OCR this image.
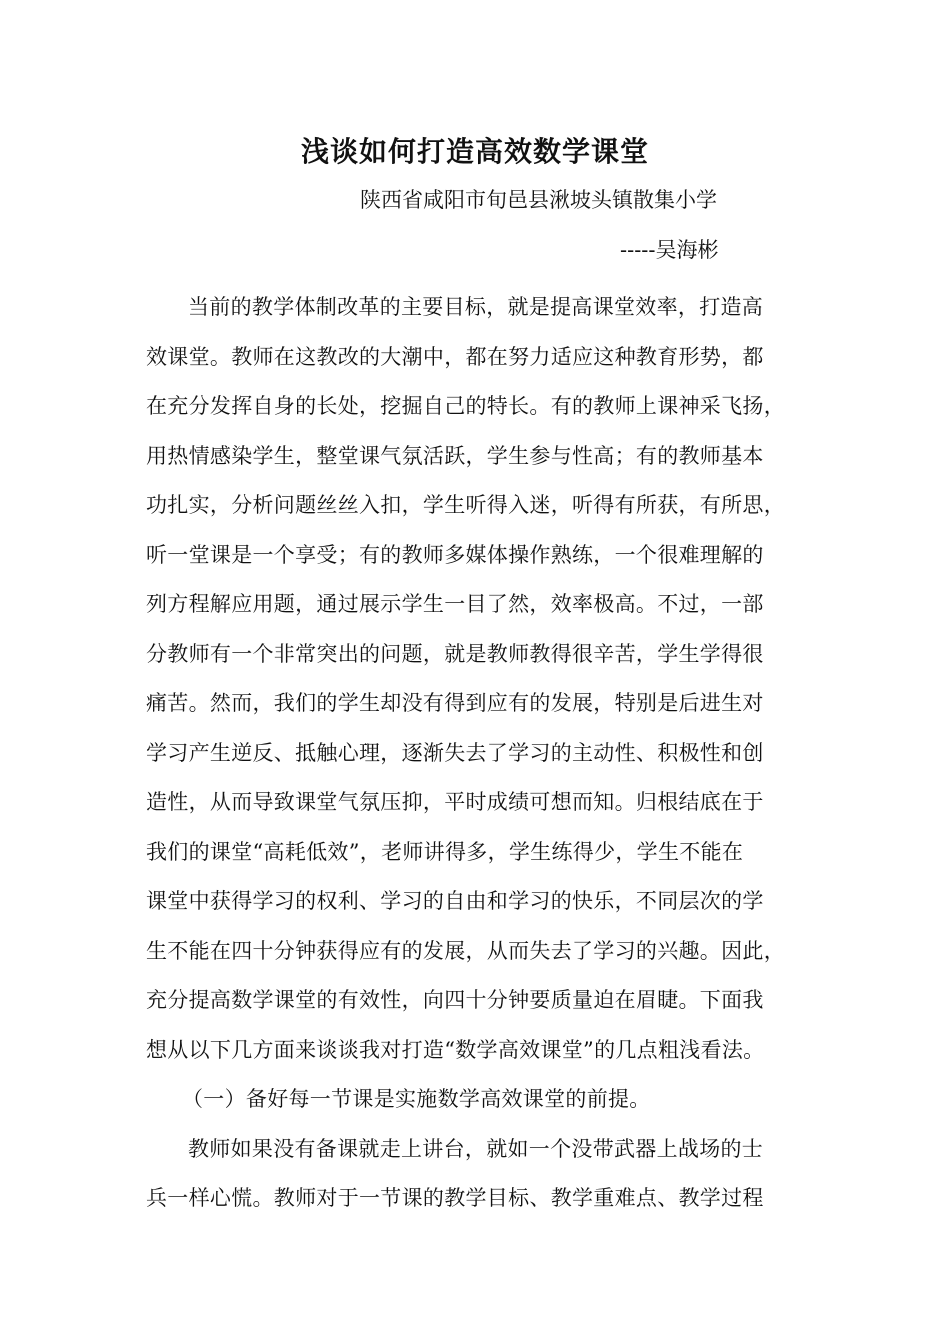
浅谈如何打造高效数学课堂
陕西省咸阳市旬邑县湫坡头镇散集小学
-----吴海彬
当前的教学体制改革的主要目标，就是提高课堂效率，打造高
效课堂。教师在这教改的大潮中，都在努力适应这种教育形势，都
在充分发挥自身的长处，挖掘自己的特长。有的教师上课神采飞扬，
用热情感染学生，整堂课气氛活跃，学生参与性高；有的教师基本
功扎实，分析问题丝丝入扣，学生听得入迷，听得有所获，有所思，
听一堂课是一个享受；有的教师多媒体操作熟练，一个很难理解的
列方程解应用题，通过展示学生一目了然，效率极高。不过，一部
分教师有一个非常突出的问题，就是教师教得很辛苦，学生学得很
痛苦。然而，我们的学生却没有得到应有的发展，特别是后进生对
学习产生逆反、抵触心理，逐渐失去了学习的主动性、积极性和创
造性，从而导致课堂气氛压抑，平时成绩可想而知。归根结底在于
我们的课堂“高耗低效”，老师讲得多，学生练得少，学生不能在
课堂中获得学习的权利、学习的自由和学习的快乐，不同层次的学
生不能在四十分钟获得应有的发展，从而失去了学习的兴趣。因此，
充分提高数学课堂的有效性，向四十分钟要质量迫在眉睫。下面我
想从以下几方面来谈谈我对打造“数学高效课堂”的几点粗浅看法。
（一）备好每一节课是实施数学高效课堂的前提。
教师如果没有备课就走上讲台，就如一个没带武器上战场的士
兵一样心慌。教师对于一节课的教学目标、教学重难点、教学过程
